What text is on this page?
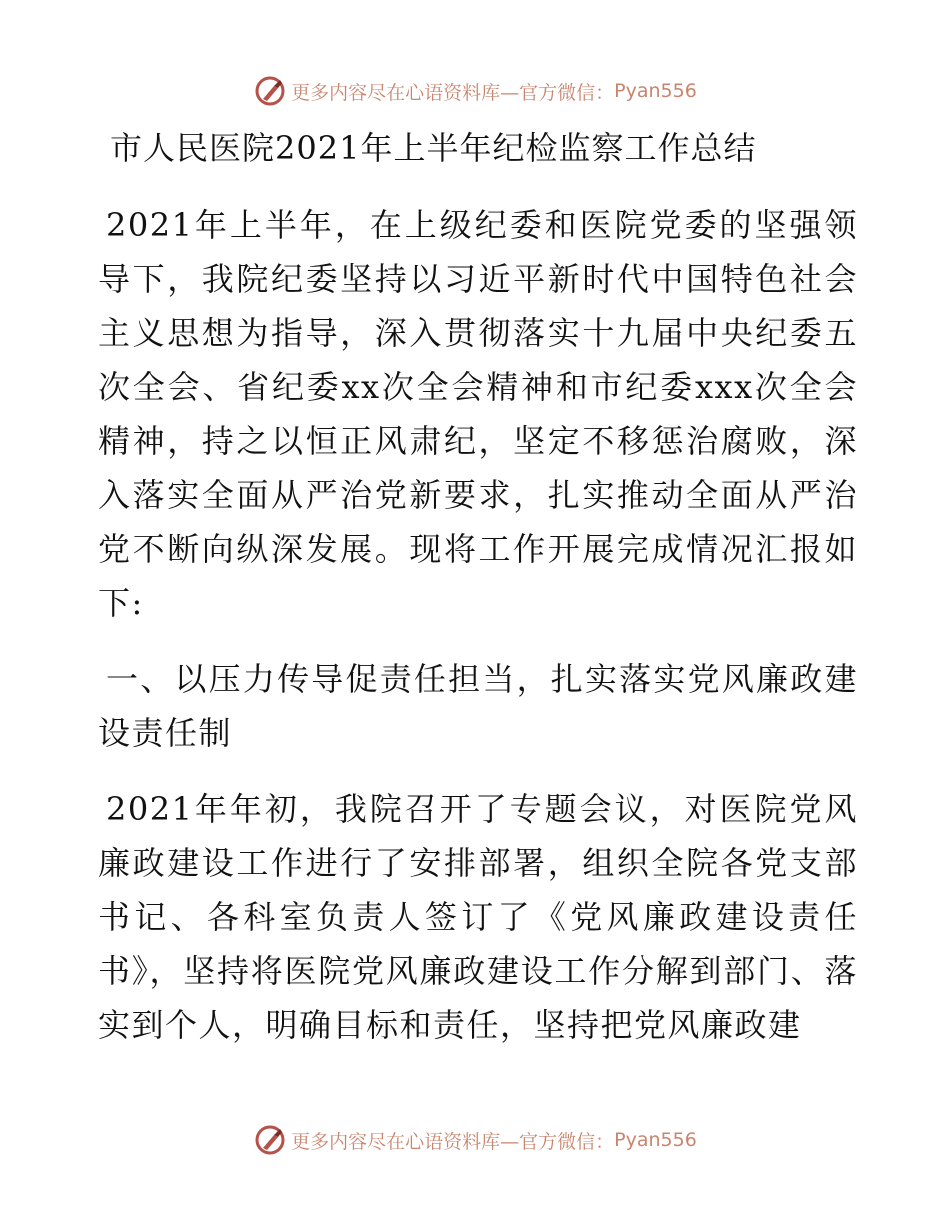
更多内容尽在心语资料库—官方微信： Pyan556
市人民医院2021年上半年纪检监察工作总结

2021年上半年，在上级纪委和医院党委的坚强领导下，我院纪委坚持以习近平新时代中国特色社会主义思想为指导，深入贯彻落实十九届中央纪委五次全会、省纪委xx次全会精神和市纪委xxx次全会精神，持之以恒正风肃纪，坚定不移惩治腐败，深入落实全面从严治党新要求，扎实推动全面从严治党不断向纵深发展。现将工作开展完成情况汇报如下:

一、以压力传导促责任担当，扎实落实党风廉政建设责任制

2021年年初，我院召开了专题会议，对医院党风廉政建设工作进行了安排部署，组织全院各党支部书记、各科室负责人签订了《党风廉政建设责任书》，坚持将医院党风廉政建设工作分解到部门、落实到个人，明确目标和责任，坚持把党风廉政建

更多内容尽在心语资料库—官方微信： Pyan556
